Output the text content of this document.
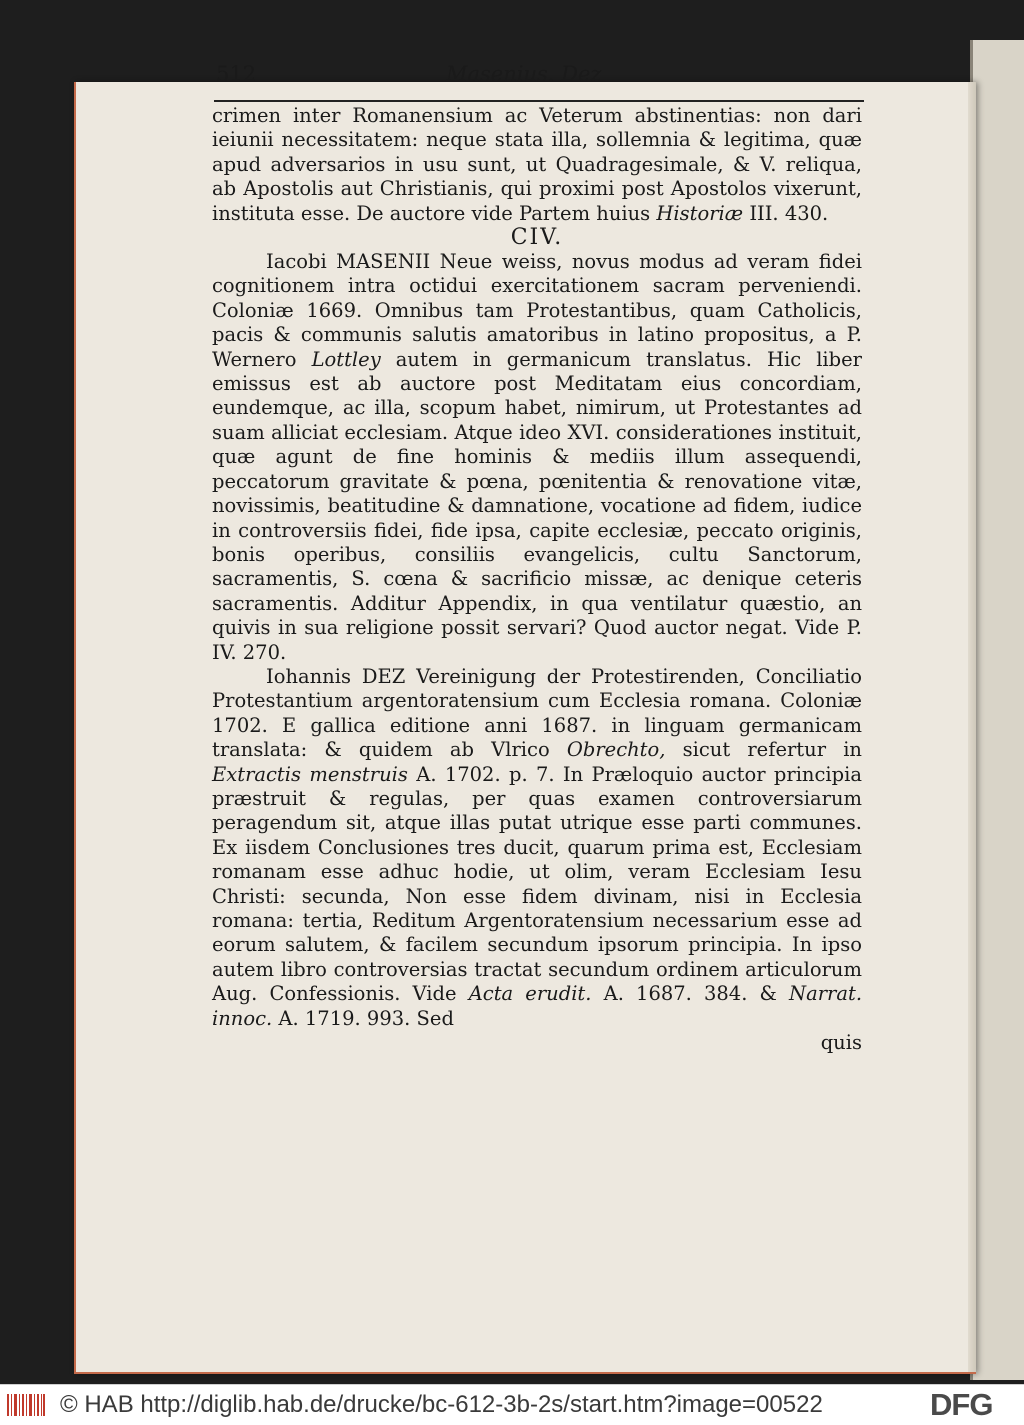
512	Masenius. Dez

crimen inter Romanensium ac Veterum abstinentias: non dari ieiunii necessitatem: neque stata illa, sollemnia & legitima, quæ apud adversarios in usu sunt, ut Quadragesimale, & V. reliqua, ab Apostolis aut Christianis, qui proximi post Apostolos vixerunt, instituta esse. De auctore vide Partem huius Historiæ III. 430.

CIV.

Iacobi MASENII Neue weiss, novus modus ad veram fidei cognitionem intra octidui exercitationem sacram perveniendi. Coloniæ 1669. Omnibus tam Protestantibus, quam Catholicis, pacis & communis salutis amatoribus in latino propositus, a P. Wernero Lottley autem in germanicum translatus. Hic liber emissus est ab auctore post Meditatam eius concordiam, eundemque, ac illa, scopum habet, nimirum, ut Protestantes ad suam alliciat ecclesiam. Atque ideo XVI. considerationes instituit, quæ agunt de fine hominis & mediis illum assequendi, peccatorum gravitate & pœna, pœnitentia & renovatione vitæ, novissimis, beatitudine & damnatione, vocatione ad fidem, iudice in controversiis fidei, fide ipsa, capite ecclesiæ, peccato originis, bonis operibus, consiliis evangelicis, cultu Sanctorum, sacramentis, S. cœna & sacrificio missæ, ac denique ceteris sacramentis. Additur Appendix, in qua ventilatur quæstio, an quivis in sua religione possit servari? Quod auctor negat. Vide P. IV. 270.

Iohannis DEZ Vereinigung der Protestirenden, Conciliatio Protestantium argentoratensium cum Ecclesia romana. Coloniæ 1702. E gallica editione anni 1687. in linguam germanicam translata: & quidem ab Vlrico Obrechto, sicut refertur in Extractis menstruis A. 1702. p. 7. In Præloquio auctor principia præstruit & regulas, per quas examen controversiarum peragendum sit, atque illas putat utrique esse parti communes. Ex iisdem Conclusiones tres ducit, quarum prima est, Ecclesiam romanam esse adhuc hodie, ut olim, veram Ecclesiam Iesu Christi: secunda, Non esse fidem divinam, nisi in Ecclesia romana: tertia, Reditum Argentoratensium necessarium esse ad eorum salutem, & facilem secundum ipsorum principia. In ipso autem libro controversias tractat secundum ordinem articulorum Aug. Confessionis. Vide Acta erudit. A. 1687. 384. & Narrat. innoc. A. 1719. 993. Sed

quis

© HAB http://diglib.hab.de/drucke/bc-612-3b-2s/start.htm?image=00522	DFG
